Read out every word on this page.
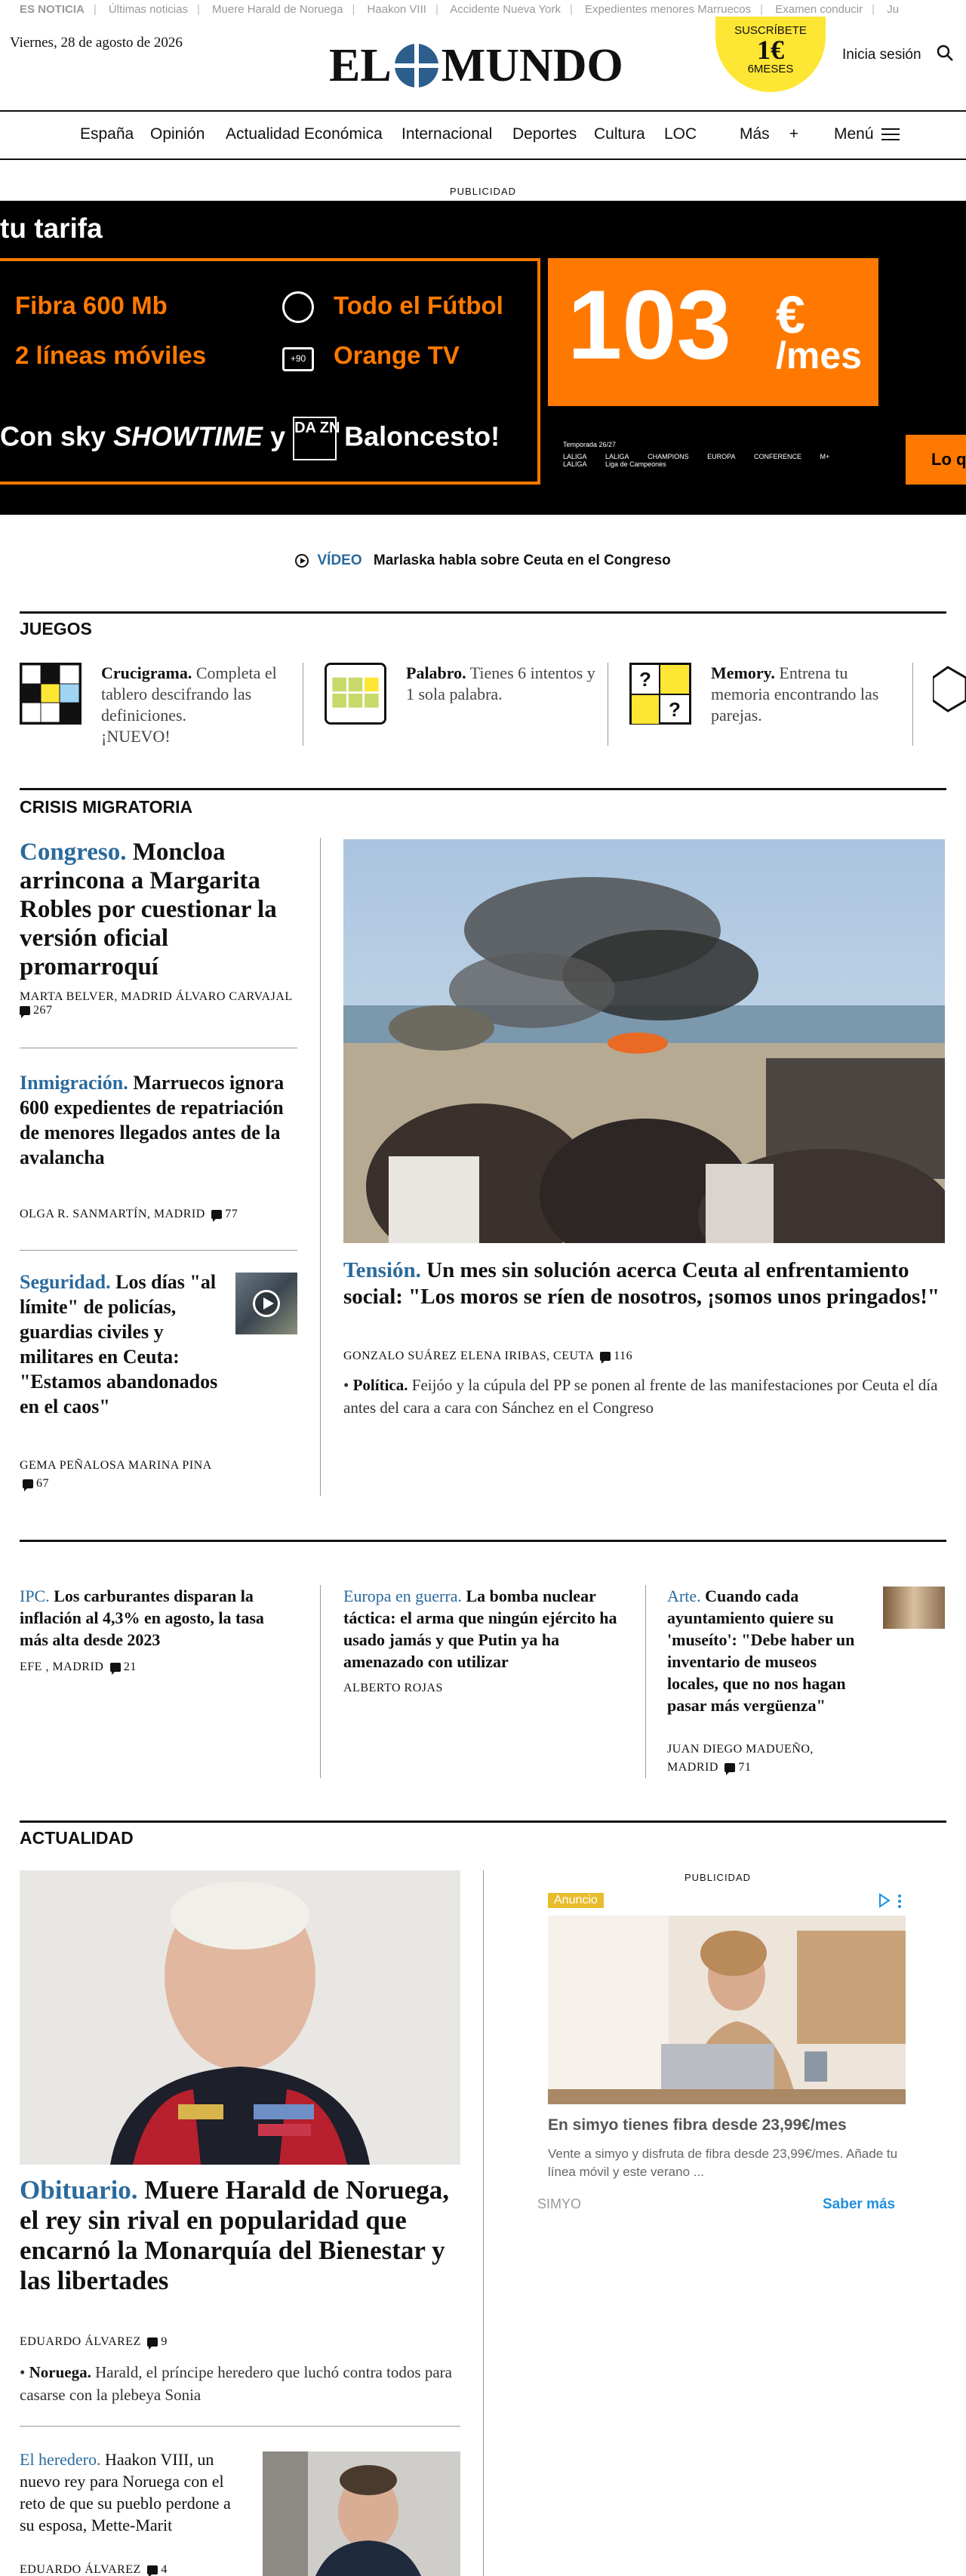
ES NOTICIA | Últimas noticias | Muere Harald de Noruega | Haakon VIII | Accidente Nueva York | Expedientes menores Marruecos | Examen conducir | Ju
Viernes, 28 de agosto de 2026	EL MUNDO
SUSCRÍBETE
1€
6MESES
Inicia sesión
España Opinión Actualidad Económica Internacional Deportes Cultura LOC	Más + Menú
PUBLICIDAD
tu tarifa
Fibra 600 Mb	Todo el Fútbol
2 líneas móviles	+90	Orange TV 103 €
/mes
Con sky SHOWTIME y DA ZN Baloncesto!	Temporada 26/27
LALIGA	LALIGA	CHAMPIONS	EUROPA	CONFERENCE	M+ LALIGA	Liga de Campeones	Lo q
VÍDEO Marlaska habla sobre Ceuta en el Congreso
JUEGOS
Crucigrama. Completa el tablero descifrando las definiciones.
¡NUEVO!
Palabro. Tienes 6 intentos y 1 sola palabra.
?
?
Memory. Entrena tu memoria encontrando las parejas.
CRISIS MIGRATORIA
Congreso. Moncloa arrincona a Margarita Robles por cuestionar la versión oficial promarroquí
MARTA BELVER, MADRID ÁLVARO CARVAJAL
267
Inmigración. Marruecos ignora 600 expedientes de repatriación de menores llegados antes de la avalancha
OLGA R. SANMARTÍN, MADRID 77
Seguridad. Los días "al límite" de policías, guardias civiles y militares en Ceuta: "Estamos abandonados en el caos"
GEMA PEÑALOSA MARINA PINA 67
Tensión. Un mes sin solución acerca Ceuta al enfrentamiento social: "Los moros se ríen de nosotros, ¡somos unos pringados!"
GONZALO SUÁREZ ELENA IRIBAS, CEUTA 116
• Política. Feijóo y la cúpula del PP se ponen al frente de las manifestaciones por Ceuta el día antes del cara a cara con Sánchez en el Congreso
IPC. Los carburantes disparan la inflación al 4,3% en agosto, la tasa más alta desde 2023
EFE , MADRID 21
Europa en guerra. La bomba nuclear táctica: el arma que ningún ejército ha usado jamás y que Putin ya ha amenazado con utilizar
ALBERTO ROJAS
Arte. Cuando cada ayuntamiento quiere su 'museíto': "Debe haber un inventario de museos locales, que no nos hagan pasar más vergüenza"
JUAN DIEGO MADUEÑO, MADRID 71
ACTUALIDAD
Obituario. Muere Harald de Noruega, el rey sin rival en popularidad que encarnó la Monarquía del Bienestar y las libertades
EDUARDO ÁLVAREZ 9
• Noruega. Harald, el príncipe heredero que luchó contra todos para casarse con la plebeya Sonia
El heredero. Haakon VIII, un nuevo rey para Noruega con el reto de que su pueblo perdone a su esposa, Mette-Marit
EDUARDO ÁLVAREZ 4
PUBLICIDAD
Anuncio
En simyo tienes fibra desde 23,99€/mes
Vente a simyo y disfruta de fibra desde 23,99€/mes. Añade tu línea móvil y este verano ...
SIMYO	Saber más
